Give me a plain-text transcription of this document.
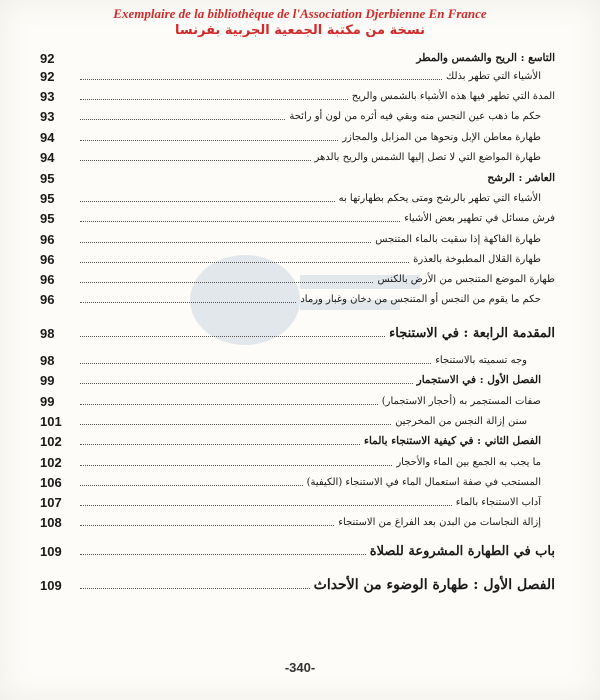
Exemplaire de la bibliothèque de l'Association Djerbienne En France
نسخة من مكتبة الجمعية الجربية بفرنسا
التاسع : الريح والشمس والمطر
92
الأشياء التي تطهر بذلك
92
المدة التي تطهر فيها هذه الأشياء بالشمس والريح
93
حكم ما ذهب عين النجس منه وبقي فيه أثره من لون أو رائحة
93
طهارة معاطن الإبل ونحوها من المزابل والمجازر
94
طهارة المواضع التي لا تصل إليها الشمس والريح بالدهر
94
العاشر : الرشح
95
الأشياء التي تطهر بالرشح ومتى يحكم بطهارتها به
95
فرش مسائل في تطهير بعض الأشياء
95
طهارة الفاكهة إذا سقيت بالماء المتنجس
96
طهارة القلال المطبوخة بالعذرة
96
طهارة الموضع المتنجس من الأرض بالكنس
96
حكم ما يقوم من النجس أو المتنجس من دخان وغبار ورماد
96
المقدمة الرابعة : في الاستنجاء
98
وجه تسميته بالاستنجاء
98
الفصل الأول : في الاستجمار
99
صفات المستجمر به (أحجار الاستجمار)
99
سنن إزالة النجس من المخرجين
101
الفصل الثاني : في كيفية الاستنجاء بالماء
102
ما يجب به الجمع بين الماء والأحجار
102
المستحب في صفة استعمال الماء في الاستنجاء (الكيفية)
106
آداب الاستنجاء بالماء
107
إزالة النجاسات من البدن بعد الفراغ من الاستنجاء
108
باب في الطهارة المشروعة للصلاة
109
الفصل الأول : طهارة الوضوء من الأحداث
109
-340-
